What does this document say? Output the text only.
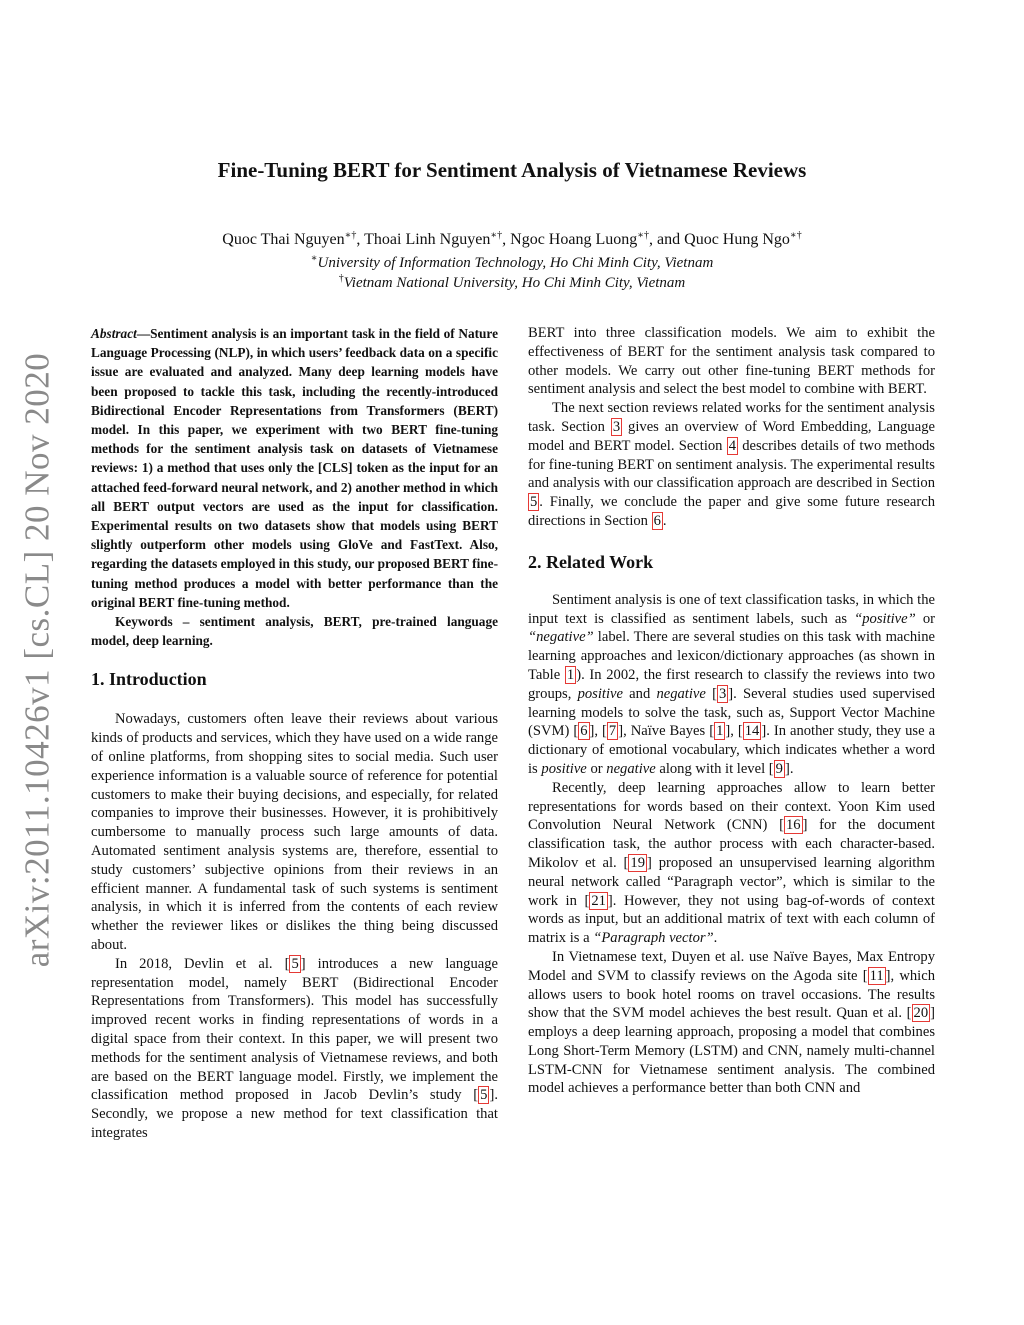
arXiv:2011.10426v1 [cs.CL] 20 Nov 2020
Fine-Tuning BERT for Sentiment Analysis of Vietnamese Reviews

Quoc Thai Nguyen∗†, Thoai Linh Nguyen∗†, Ngoc Hoang Luong∗†, and Quoc Hung Ngo∗†

∗University of Information Technology, Ho Chi Minh City, Vietnam

†Vietnam National University, Ho Chi Minh City, Vietnam

Abstract—Sentiment analysis is an important task in the field of Nature Language Processing (NLP), in which users’ feedback data on a specific issue are evaluated and analyzed. Many deep learning models have been proposed to tackle this task, including the recently-introduced Bidirectional Encoder Representations from Transformers (BERT) model. In this paper, we experiment with two BERT fine-tuning methods for the sentiment analysis task on datasets of Vietnamese reviews: 1) a method that uses only the [CLS] token as the input for an attached feed-forward neural network, and 2) another method in which all BERT output vectors are used as the input for classification. Experimental results on two datasets show that models using BERT slightly outperform other models using GloVe and FastText. Also, regarding the datasets employed in this study, our proposed BERT fine-tuning method produces a model with better performance than the original BERT fine-tuning method.

Keywords – sentiment analysis, BERT, pre-trained language model, deep learning.

1. Introduction

Nowadays, customers often leave their reviews about various kinds of products and services, which they have used on a wide range of online platforms, from shopping sites to social media. Such user experience information is a valuable source of reference for potential customers to make their buying decisions, and especially, for related companies to improve their businesses. However, it is prohibitively cumbersome to manually process such large amounts of data. Automated sentiment analysis systems are, therefore, essential to study customers’ subjective opinions from their reviews in an efficient manner. A fundamental task of such systems is sentiment analysis, in which it is inferred from the contents of each review whether the reviewer likes or dislikes the thing being discussed about.

In 2018, Devlin et al. [ 5 ] introduces a new language representation model, namely BERT (Bidirectional Encoder Representations from Transformers). This model has successfully improved recent works in finding representations of words in a digital space from their context. In this paper, we will present two methods for the sentiment analysis of Vietnamese reviews, and both are based on the BERT language model. Firstly, we implement the classification method proposed in Jacob Devlin’s study [ 5 ]. Secondly, we propose a new method for text classification that integrates

BERT into three classification models. We aim to exhibit the effectiveness of BERT for the sentiment analysis task compared to other models. We carry out other fine-tuning BERT methods for sentiment analysis and select the best model to combine with BERT.

The next section reviews related works for the sentiment analysis task. Section 3 gives an overview of Word Embedding, Language model and BERT model. Section 4 describes details of two methods for fine-tuning BERT on sentiment analysis. The experimental results and analysis with our classification approach are described in Section 5 . Finally, we conclude the paper and give some future research directions in Section 6 .

2. Related Work

Sentiment analysis is one of text classification tasks, in which the input text is classified as sentiment labels, such as “positive” or “negative” label. There are several studies on this task with machine learning approaches and lexicon/dictionary approaches (as shown in Table 1 ). In 2002, the first research to classify the reviews into two groups, positive and negative [ 3 ]. Several studies used supervised learning models to solve the task, such as, Support Vector Machine (SVM) [ 6 ], [ 7 ], Naïve Bayes [ 1 ], [ 14 ]. In another study, they use a dictionary of emotional vocabulary, which indicates whether a word is positive or negative along with it level [ 9 ].

Recently, deep learning approaches allow to learn better representations for words based on their context. Yoon Kim used Convolution Neural Network (CNN) [ 16 ] for the document classification task, the author process with each character-based. Mikolov et al. [ 19 ] proposed an unsupervised learning algorithm neural network called “Paragraph vector”, which is similar to the work in [ 21 ]. However, they not using bag-of-words of context words as input, but an additional matrix of text with each column of matrix is a “Paragraph vector”.

In Vietnamese text, Duyen et al. use Naïve Bayes, Max Entropy Model and SVM to classify reviews on the Agoda site [ 11 ], which allows users to book hotel rooms on travel occasions. The results show that the SVM model achieves the best result. Quan et al. [ 20 ] employs a deep learning approach, proposing a model that combines Long Short-Term Memory (LSTM) and CNN, namely multi-channel LSTM-CNN for Vietnamese sentiment analysis. The combined model achieves a performance better than both CNN and
